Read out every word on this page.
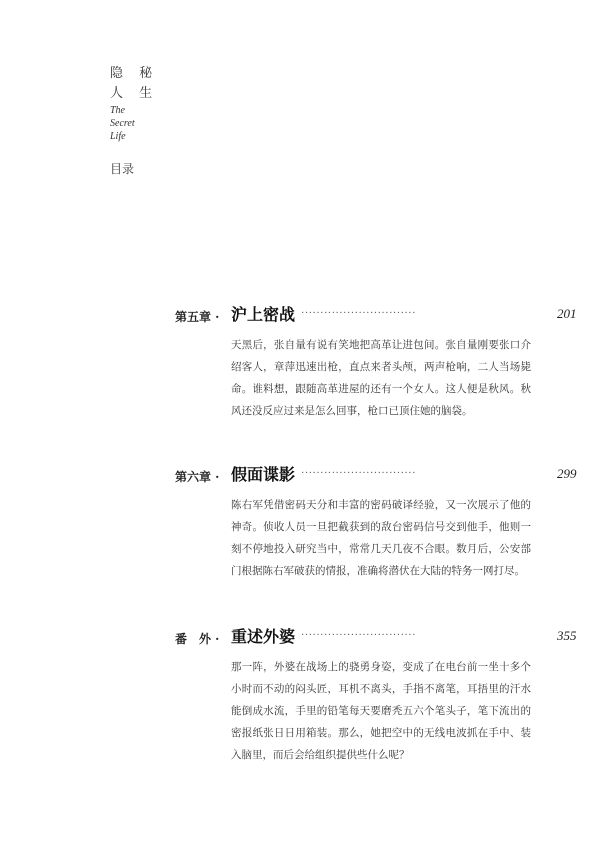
隐 秘
人 生
The
Secret
Life
目录
第五章 · 沪上密战 ······························	201
天黑后，张自量有说有笑地把高革让进包间。张自量刚要张口介绍客人，章萍迅速出枪，直点来者头颅，两声枪响，二人当场毙命。谁料想，跟随高革进屋的还有一个女人。这人便是秋风。秋风还没反应过来是怎么回事，枪口已顶住她的脑袋。
第六章 · 假面谍影 ······························	299
陈右军凭借密码天分和丰富的密码破译经验，又一次展示了他的神奇。侦收人员一旦把截获到的敌台密码信号交到他手，他则一刻不停地投入研究当中，常常几天几夜不合眼。数月后，公安部门根据陈右军破获的情报，准确将潜伏在大陆的特务一网打尽。
番　外 · 重述外婆 ······························	355
那一阵，外婆在战场上的骁勇身姿，变成了在电台前一坐十多个小时而不动的闷头匠，耳机不离头，手指不离笔，耳捂里的汗水能倒成水流，手里的铅笔每天要磨秃五六个笔头子，笔下流出的密报纸张日日用箱装。那么，她把空中的无线电波抓在手中、装入脑里，而后会给组织提供些什么呢？
